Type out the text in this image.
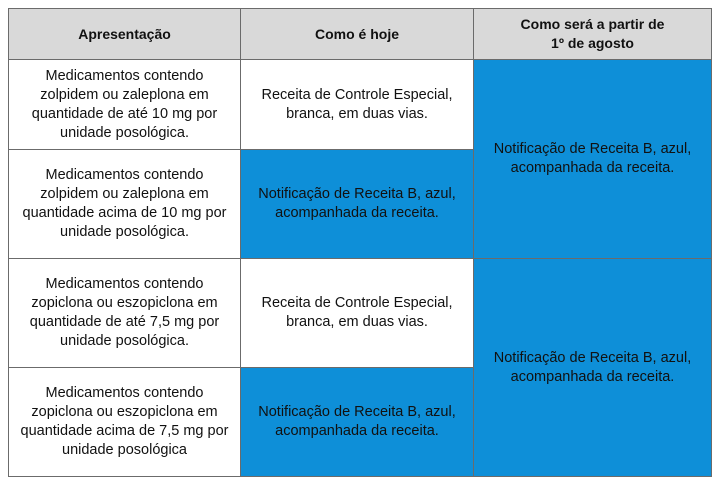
Apresentação	Como é hoje	Como será a partir de
1º de agosto
Medicamentos contendo zolpidem ou zaleplona em quantidade de até 10 mg por unidade posológica.	Receita de Controle Especial, branca, em duas vias.	Notificação de Receita B, azul, acompanhada da receita.
Medicamentos contendo zolpidem ou zaleplona em quantidade acima de 10 mg por unidade posológica.	Notificação de Receita B, azul, acompanhada da receita.	
Medicamentos contendo zopiclona ou eszopiclona em quantidade de até 7,5 mg por unidade posológica.	Receita de Controle Especial, branca, em duas vias.	Notificação de Receita B, azul, acompanhada da receita.
Medicamentos contendo zopiclona ou eszopiclona em quantidade acima de 7,5 mg por unidade posológica	Notificação de Receita B, azul, acompanhada da receita.	
